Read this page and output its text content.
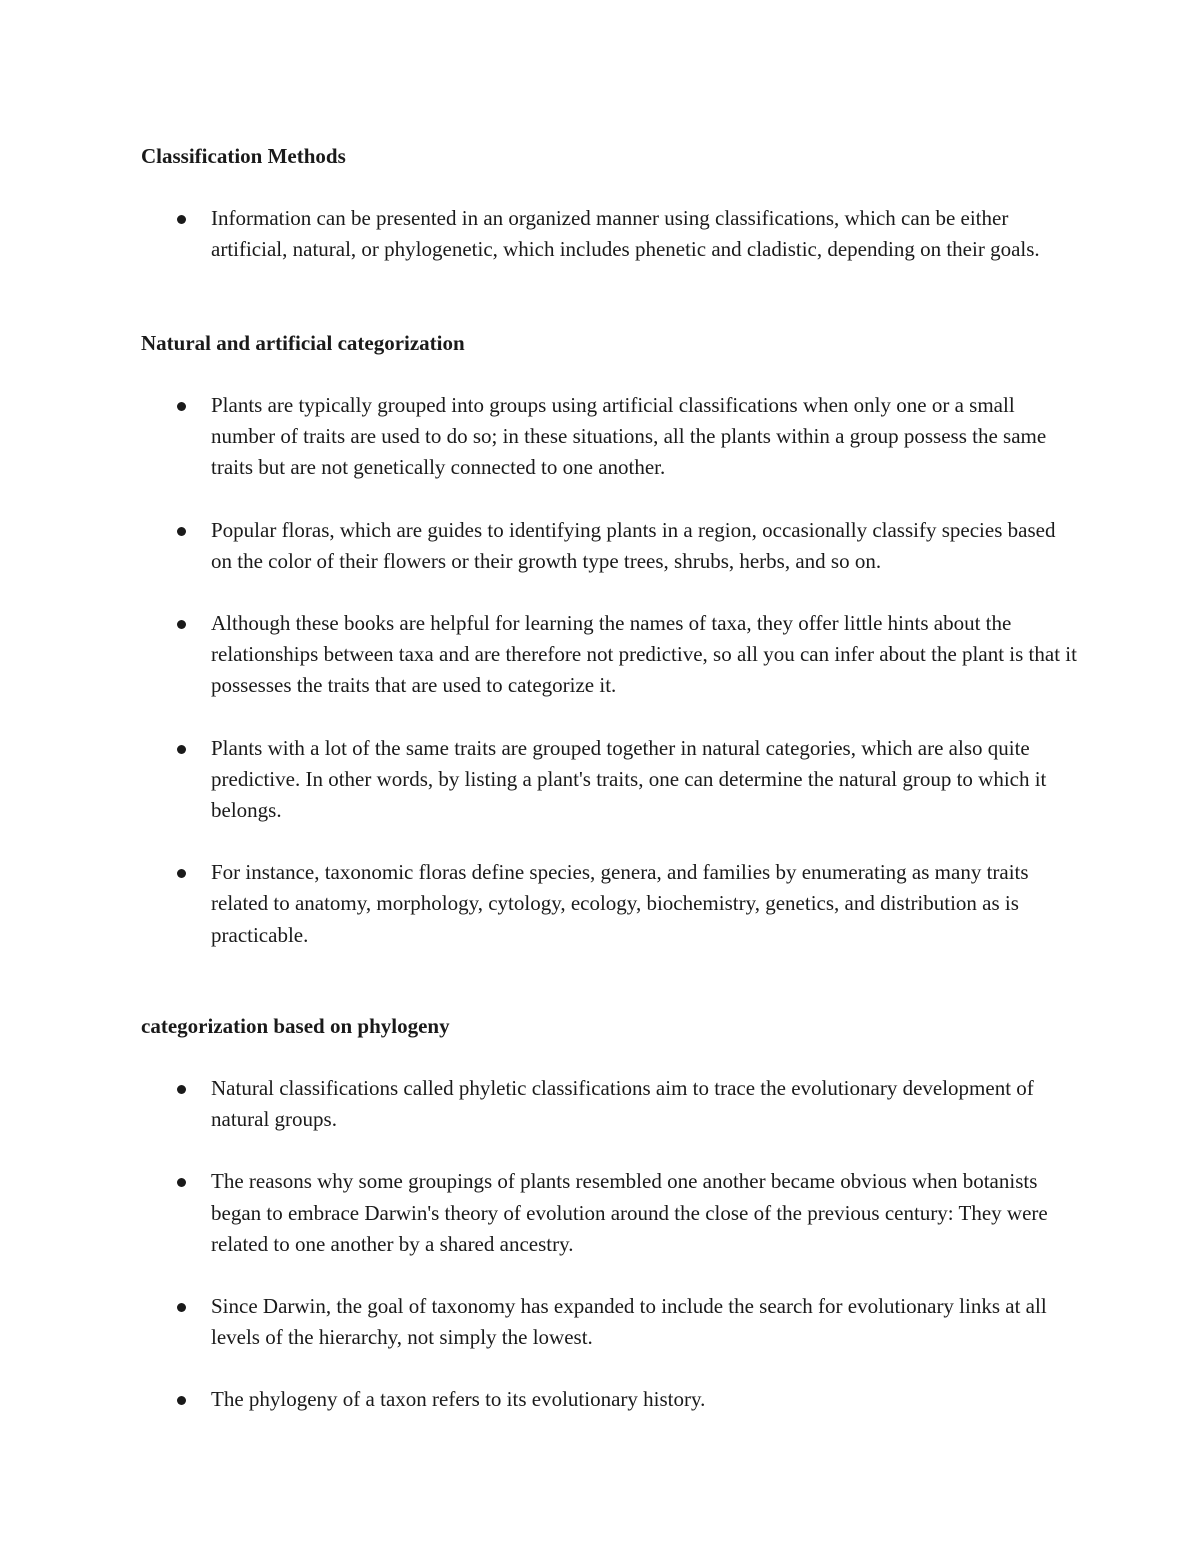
Classification Methods
Information can be presented in an organized manner using classifications, which can be either artificial, natural, or phylogenetic, which includes phenetic and cladistic, depending on their goals.
Natural and artificial categorization
Plants are typically grouped into groups using artificial classifications when only one or a small number of traits are used to do so; in these situations, all the plants within a group possess the same traits but are not genetically connected to one another.
Popular floras, which are guides to identifying plants in a region, occasionally classify species based on the color of their flowers or their growth type trees, shrubs, herbs, and so on.
Although these books are helpful for learning the names of taxa, they offer little hints about the relationships between taxa and are therefore not predictive, so all you can infer about the plant is that it possesses the traits that are used to categorize it.
Plants with a lot of the same traits are grouped together in natural categories, which are also quite predictive. In other words, by listing a plant's traits, one can determine the natural group to which it belongs.
For instance, taxonomic floras define species, genera, and families by enumerating as many traits related to anatomy, morphology, cytology, ecology, biochemistry, genetics, and distribution as is practicable.
categorization based on phylogeny
Natural classifications called phyletic classifications aim to trace the evolutionary development of natural groups.
The reasons why some groupings of plants resembled one another became obvious when botanists began to embrace Darwin's theory of evolution around the close of the previous century: They were related to one another by a shared ancestry.
Since Darwin, the goal of taxonomy has expanded to include the search for evolutionary links at all levels of the hierarchy, not simply the lowest.
The phylogeny of a taxon refers to its evolutionary history.
